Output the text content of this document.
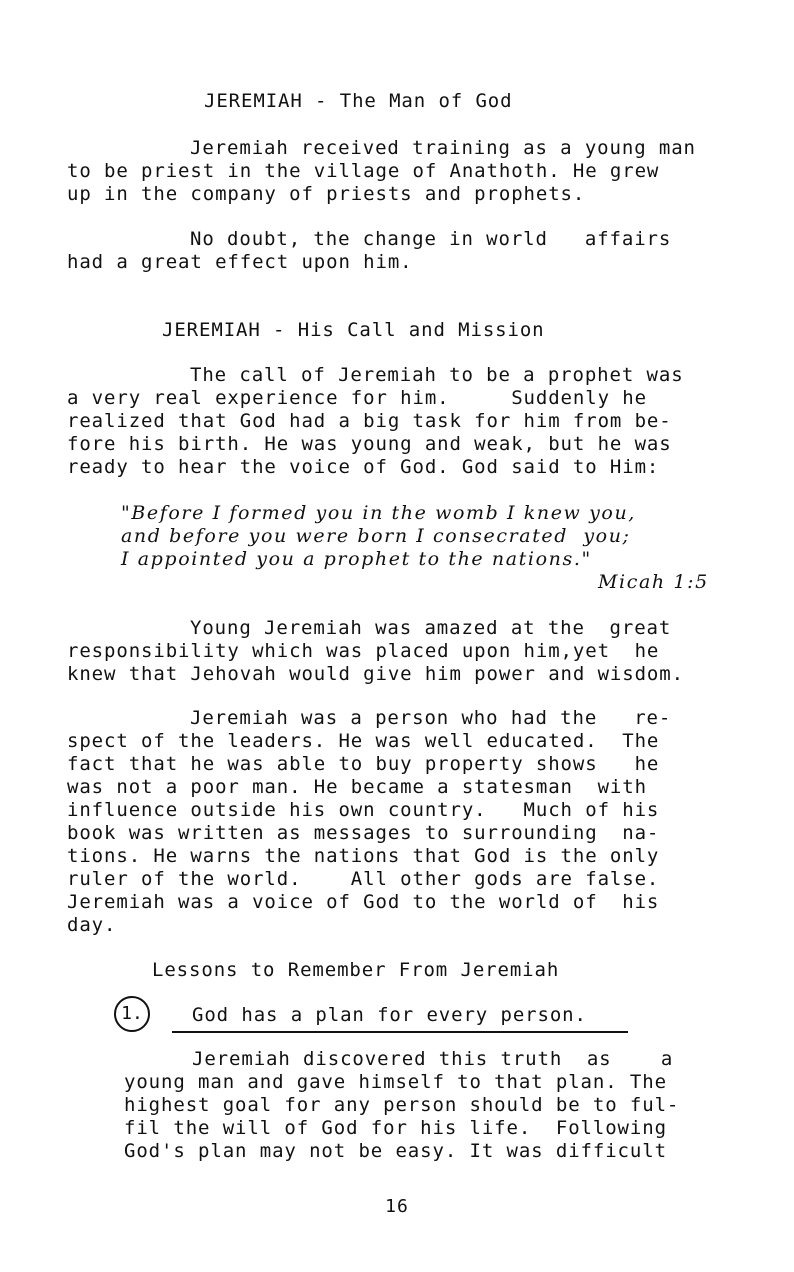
JEREMIAH - The Man of God
Jeremiah received training as a young man
to be priest in the village of Anathoth. He grew
up in the company of priests and prophets.
No doubt, the change in world   affairs
had a great effect upon him.
JEREMIAH - His Call and Mission
The call of Jeremiah to be a prophet was
a very real experience for him.     Suddenly he
realized that God had a big task for him from be-
fore his birth. He was young and weak, but he was
ready to hear the voice of God. God said to Him:
"Before I formed you in the womb I knew you,
and before you were born I consecrated  you;
I appointed you a prophet to the nations."
Micah 1:5
Young Jeremiah was amazed at the  great
responsibility which was placed upon him,yet  he
knew that Jehovah would give him power and wisdom.
Jeremiah was a person who had the   re-
spect of the leaders. He was well educated.  The
fact that he was able to buy property shows   he
was not a poor man. He became a statesman  with
influence outside his own country.   Much of his
book was written as messages to surrounding  na-
tions. He warns the nations that God is the only
ruler of the world.    All other gods are false.
Jeremiah was a voice of God to the world of  his
day.
Lessons to Remember From Jeremiah
1.	God has a plan for every person.
Jeremiah discovered this truth  as    a
young man and gave himself to that plan. The
highest goal for any person should be to ful-
fil the will of God for his life.  Following
God's plan may not be easy. It was difficult
16
